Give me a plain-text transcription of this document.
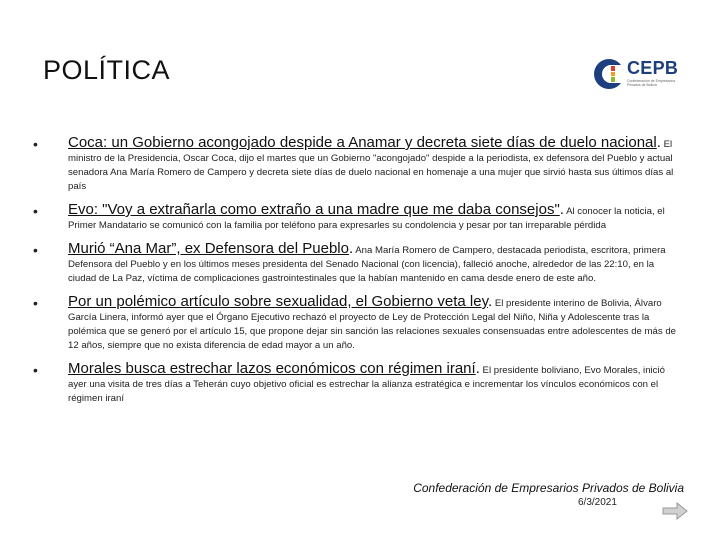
POLÍTICA	CEPB
Confederación de Empresarios Privados de Bolivia
• Coca: un Gobierno acongojado despide a Anamar y decreta siete días de duelo nacional. El ministro de la Presidencia, Oscar Coca, dijo el martes que un Gobierno "acongojado" despide a la periodista, ex defensora del Pueblo y actual senadora Ana María Romero de Campero y decreta siete días de duelo nacional en homenaje a una mujer que sirvió hasta sus últimos días al país
• Evo: "Voy a extrañarla como extraño a una madre que me daba consejos". Al conocer la noticia, el Primer Mandatario se comunicó con la familia por teléfono para expresarles su condolencia y pesar por tan irreparable pérdida
• Murió “Ana Mar”, ex Defensora del Pueblo. Ana María Romero de Campero, destacada periodista, escritora, primera Defensora del Pueblo y en los últimos meses presidenta del Senado Nacional (con licencia), falleció anoche, alrededor de las 22:10, en la ciudad de La Paz, víctima de complicaciones gastrointestinales que la habían mantenido en cama desde enero de este año.
• Por un polémico artículo sobre sexualidad, el Gobierno veta ley. El presidente interino de Bolivia, Álvaro García Linera, informó ayer que el Órgano Ejecutivo rechazó el proyecto de Ley de Protección Legal del Niño, Niña y Adolescente tras la polémica que se generó por el artículo 15, que propone dejar sin sanción las relaciones sexuales consensuadas entre adolescentes de más de 12 años, siempre que no exista diferencia de edad mayor a un año.
• Morales busca estrechar lazos económicos con régimen iraní. El presidente boliviano, Evo Morales, inició ayer una visita de tres días a Teherán cuyo objetivo oficial es estrechar la alianza estratégica e incrementar los vínculos económicos con el régimen iraní
Confederación de Empresarios Privados de Bolivia
6/3/2021
